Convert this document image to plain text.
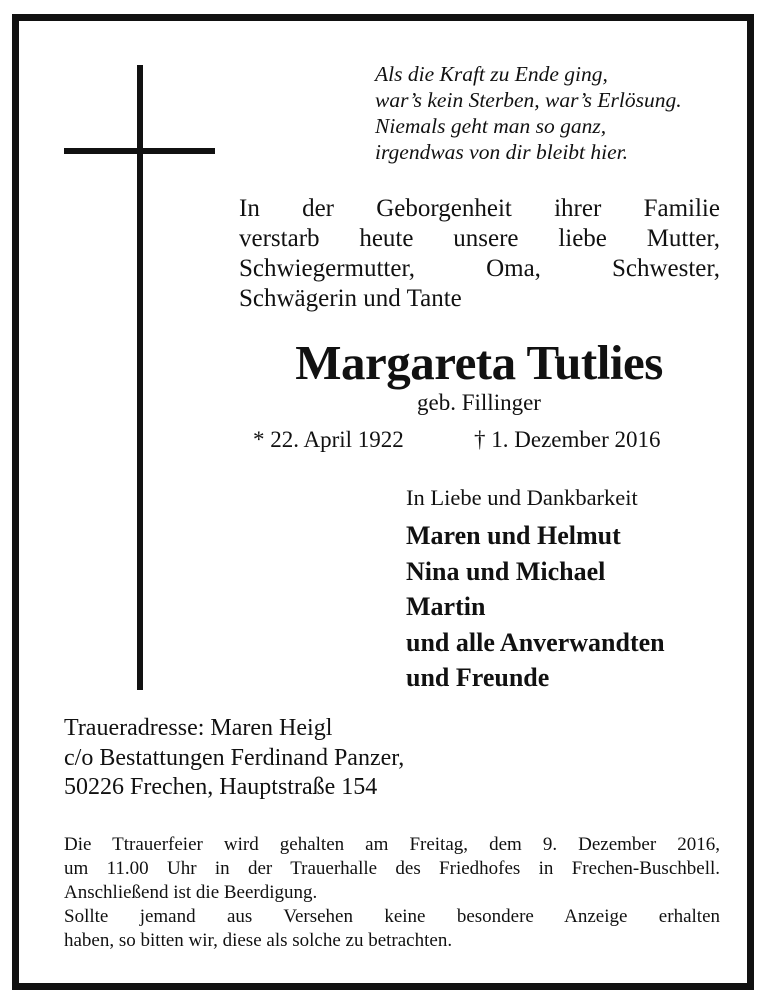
Als die Kraft zu Ende ging,
war’s kein Sterben, war’s Erlösung.
Niemals geht man so ganz,
irgendwas von dir bleibt hier.
In der Geborgenheit ihrer Familie
verstarb heute unsere liebe Mutter,
Schwiegermutter,	Oma,	Schwester,
Schwägerin und Tante
Margareta Tutlies
geb. Fillinger
* 22. April 1922	† 1. Dezember 2016
In Liebe und Dankbarkeit
Maren und Helmut
Nina und Michael
Martin
und alle Anverwandten
und Freunde
Traueradresse: Maren Heigl
c/o Bestattungen Ferdinand Panzer,
50226 Frechen, Hauptstraße 154
Die Ttrauerfeier wird gehalten am Freitag, dem 9. Dezember 2016,
um 11.00 Uhr in der Trauerhalle des Friedhofes in Frechen-Buschbell.
Anschließend ist die Beerdigung.
Sollte jemand aus Versehen keine besondere Anzeige erhalten
haben, so bitten wir, diese als solche zu betrachten.
